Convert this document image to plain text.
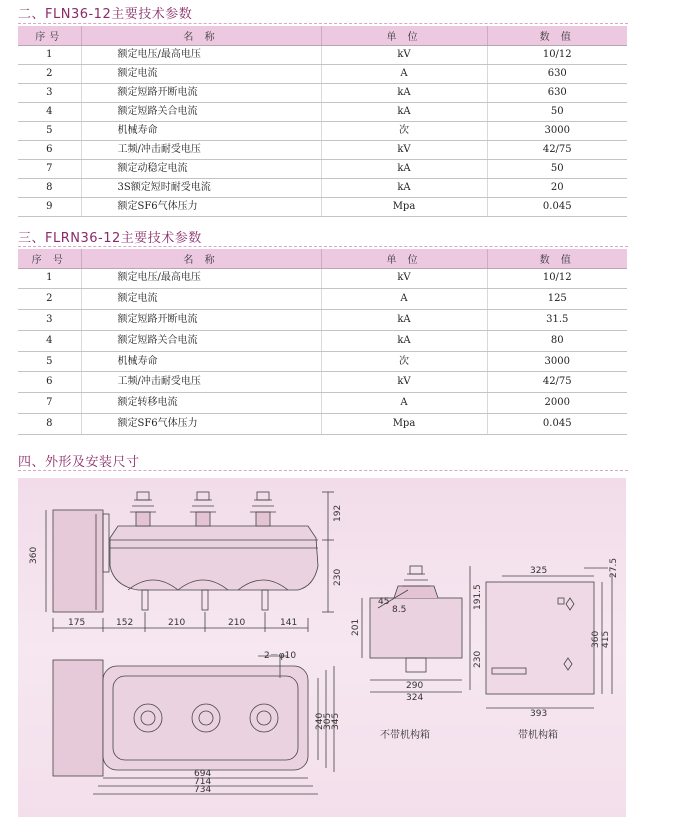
二、FLN36-12主要技术参数
序号	名 称	单 位	数 值
1	额定电压/最高电压	kV	10/12
2	额定电流	A	630
3	额定短路开断电流	kA	630
4	额定短路关合电流	kA	50
5	机械寿命	次	3000
6	工频/冲击耐受电压	kV	42/75
7	额定动稳定电流	kA	50
8	3S额定短时耐受电流	kA	20
9	额定SF6气体压力	Mpa	0.045
三、FLRN36-12主要技术参数
序 号	名 称	单 位	数 值
1	额定电压/最高电压	kV	10/12
2	额定电流	A	125
3	额定短路开断电流	kA	31.5
4	额定短路关合电流	kA	80
5	机械寿命	次	3000
6	工频/冲击耐受电压	kV	42/75
7	额定转移电流	A	2000
8	额定SF6气体压力	Mpa	0.045
四、外形及安装尺寸
360
192
230
175	152	210	210	141
2－φ10
240
305
345
694
714
734
201
191.5
230
45
8.5
290
324
325	27.5
360 415
393
不带机构箱	带机构箱
